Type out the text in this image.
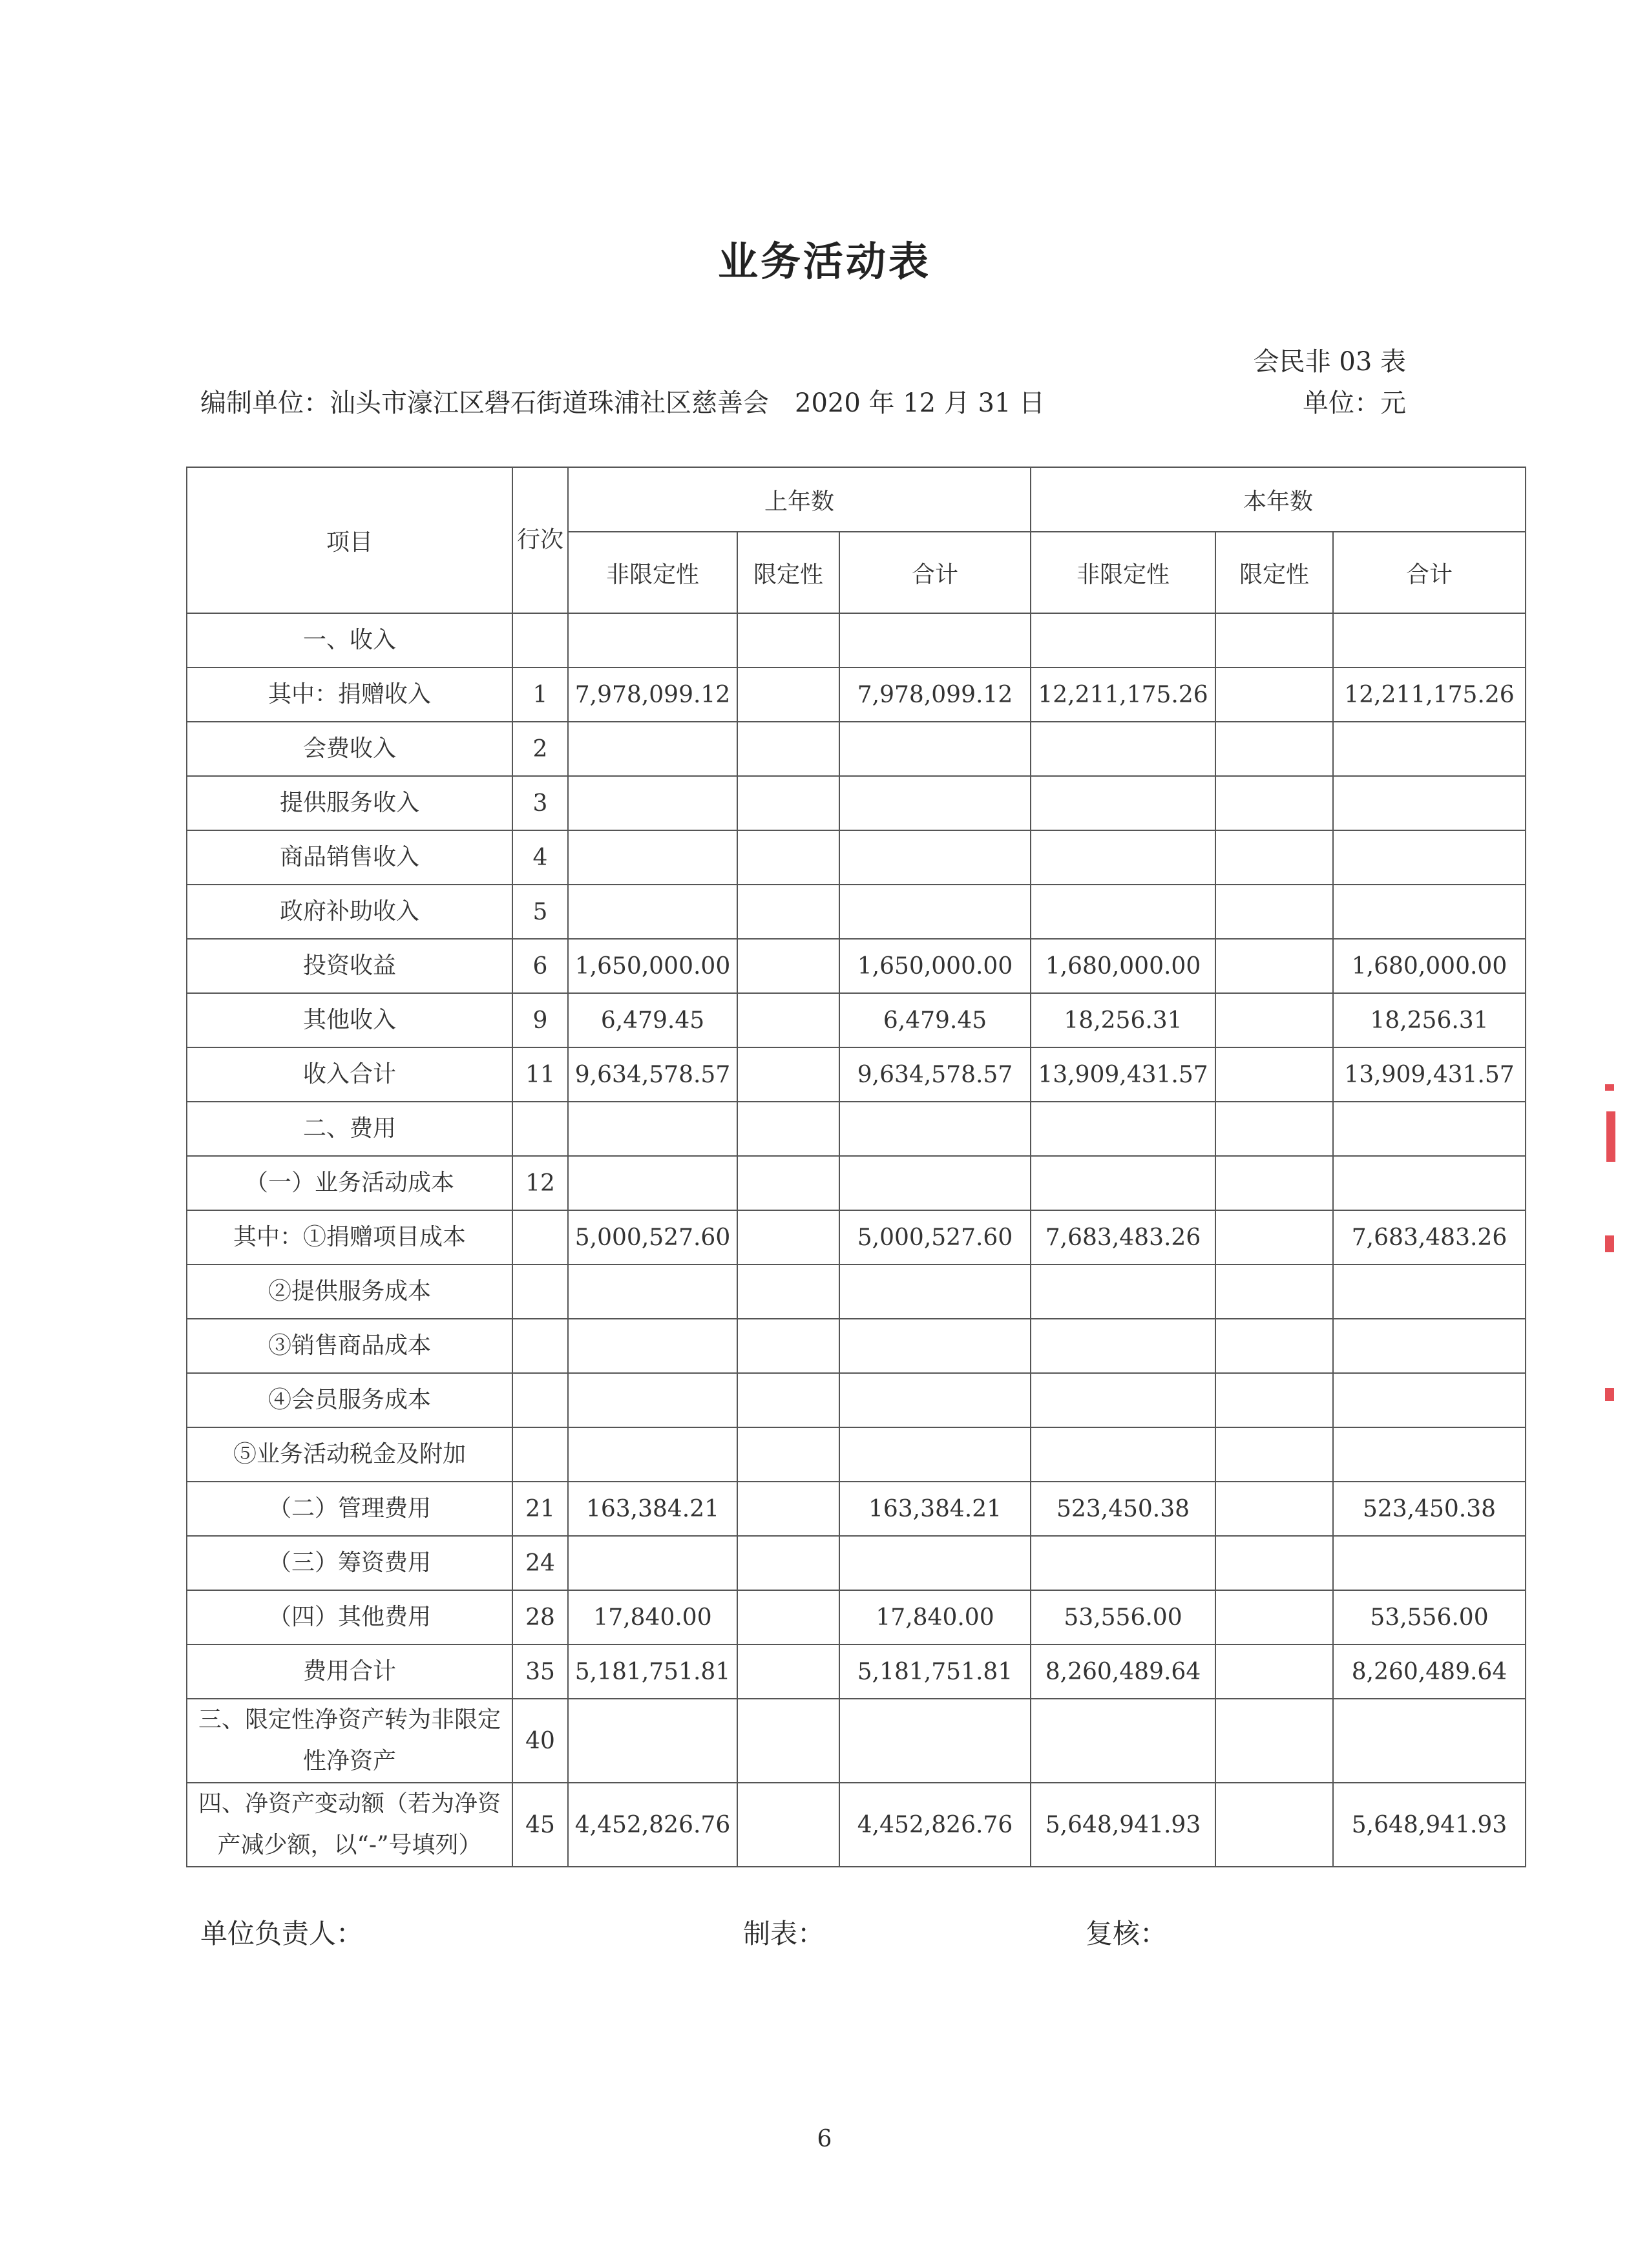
业务活动表
会民非 03 表
编制单位：汕头市濠江区礐石街道珠浦社区慈善会　2020 年 12 月 31 日	单位：元
项目	行次	上年数			本年数		
		非限定性	限定性	合计	非限定性	限定性	合计
一、收入							
其中：捐赠收入	1	7,978,099.12		7,978,099.12	12,211,175.26		12,211,175.26
会费收入	2						
提供服务收入	3						
商品销售收入	4						
政府补助收入	5						
投资收益	6	1,650,000.00		1,650,000.00	1,680,000.00		1,680,000.00
其他收入	9	6,479.45		6,479.45	18,256.31		18,256.31
收入合计	11	9,634,578.57		9,634,578.57	13,909,431.57		13,909,431.57
二、费用							
（一）业务活动成本	12						
其中：①捐赠项目成本		5,000,527.60		5,000,527.60	7,683,483.26		7,683,483.26
②提供服务成本							
③销售商品成本							
④会员服务成本							
⑤业务活动税金及附加							
（二）管理费用	21	163,384.21		163,384.21	523,450.38		523,450.38
（三）筹资费用	24						
（四）其他费用	28	17,840.00		17,840.00	53,556.00		53,556.00
费用合计	35	5,181,751.81		5,181,751.81	8,260,489.64		8,260,489.64
三、限定性净资产转为非限定性净资产	40						
四、净资产变动额（若为净资产减少额，以“-”号填列）	45	4,452,826.76		4,452,826.76	5,648,941.93		5,648,941.93
单位负责人：	制表：	复核：
6
